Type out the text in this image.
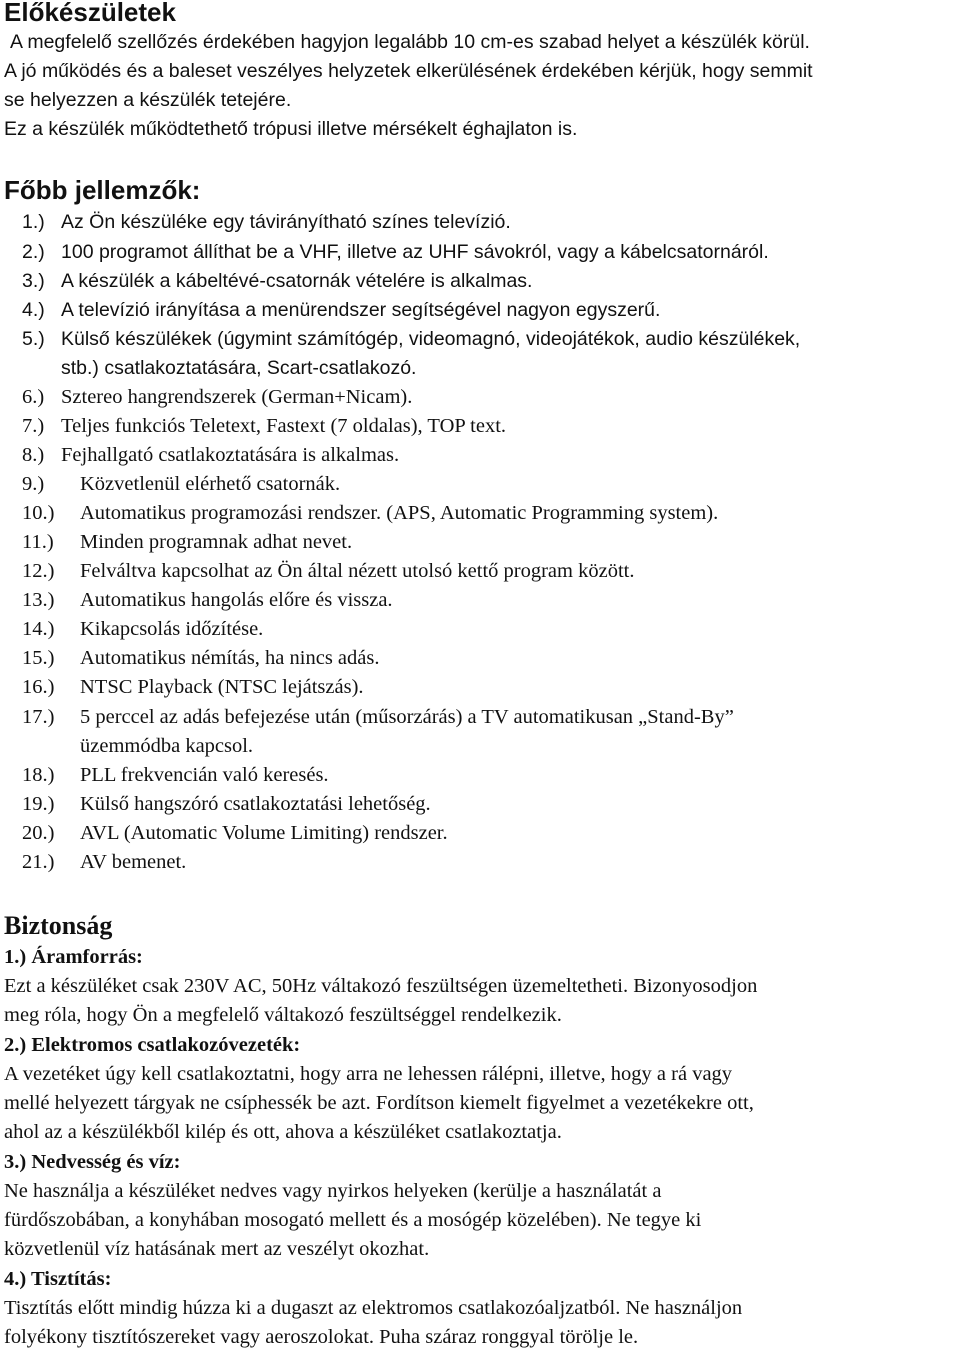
Előkészületek
A megfelelő szellőzés érdekében hagyjon legalább 10 cm-es szabad helyet a készülék körül.
A jó működés és a baleset veszélyes helyzetek elkerülésének érdekében kérjük, hogy semmit
se helyezzen a készülék tetejére.
Ez a készülék működtethető trópusi illetve mérsékelt éghajlaton is.
Főbb jellemzők:
1.) Az Ön készüléke egy távirányítható színes televízió.
2.) 100 programot állíthat be a VHF, illetve az UHF sávokról, vagy a kábelcsatornáról.
3.) A készülék a kábeltévé-csatornák vételére is alkalmas.
4.) A televízió irányítása a menürendszer segítségével nagyon egyszerű.
5.) Külső készülékek (úgymint számítógép, videomagnó, videojátékok, audio készülékek,
stb.) csatlakoztatására, Scart-csatlakozó.
6.) Sztereo hangrendszerek (German+Nicam).
7.) Teljes funkciós Teletext, Fastext (7 oldalas), TOP text.
8.) Fejhallgató csatlakoztatására is alkalmas.
9.) Közvetlenül elérhető csatornák.
10.) Automatikus programozási rendszer. (APS, Automatic Programming system).
11.) Minden programnak adhat nevet.
12.) Felváltva kapcsolhat az Ön által nézett utolsó kettő program között.
13.) Automatikus hangolás előre és vissza.
14.) Kikapcsolás időzítése.
15.) Automatikus némítás, ha nincs adás.
16.) NTSC Playback (NTSC lejátszás).
17.) 5 perccel az adás befejezése után (műsorzárás) a TV automatikusan „Stand-By”
üzemmódba kapcsol.
18.) PLL frekvencián való keresés.
19.) Külső hangszóró csatlakoztatási lehetőség.
20.) AVL (Automatic Volume Limiting) rendszer.
21.) AV bemenet.
Biztonság
1.) Áramforrás:
Ezt a készüléket csak 230V AC, 50Hz váltakozó feszültségen üzemeltetheti. Bizonyosodjon
meg róla, hogy Ön a megfelelő váltakozó feszültséggel rendelkezik.
2.) Elektromos csatlakozóvezeték:
A vezetéket úgy kell csatlakoztatni, hogy arra ne lehessen rálépni, illetve, hogy a rá vagy
mellé helyezett tárgyak ne csíphessék be azt. Fordítson kiemelt figyelmet a vezetékekre ott,
ahol az a készülékből kilép és ott, ahova a készüléket csatlakoztatja.
3.) Nedvesség és víz:
Ne használja a készüléket nedves vagy nyirkos helyeken (kerülje a használatát a
fürdőszobában, a konyhában mosogató mellett és a mosógép közelében). Ne tegye ki
közvetlenül víz hatásának mert az veszélyt okozhat.
4.) Tisztítás:
Tisztítás előtt mindig húzza ki a dugaszt az elektromos csatlakozóaljzatból. Ne használjon
folyékony tisztítószereket vagy aeroszolokat. Puha száraz ronggyal törölje le.
